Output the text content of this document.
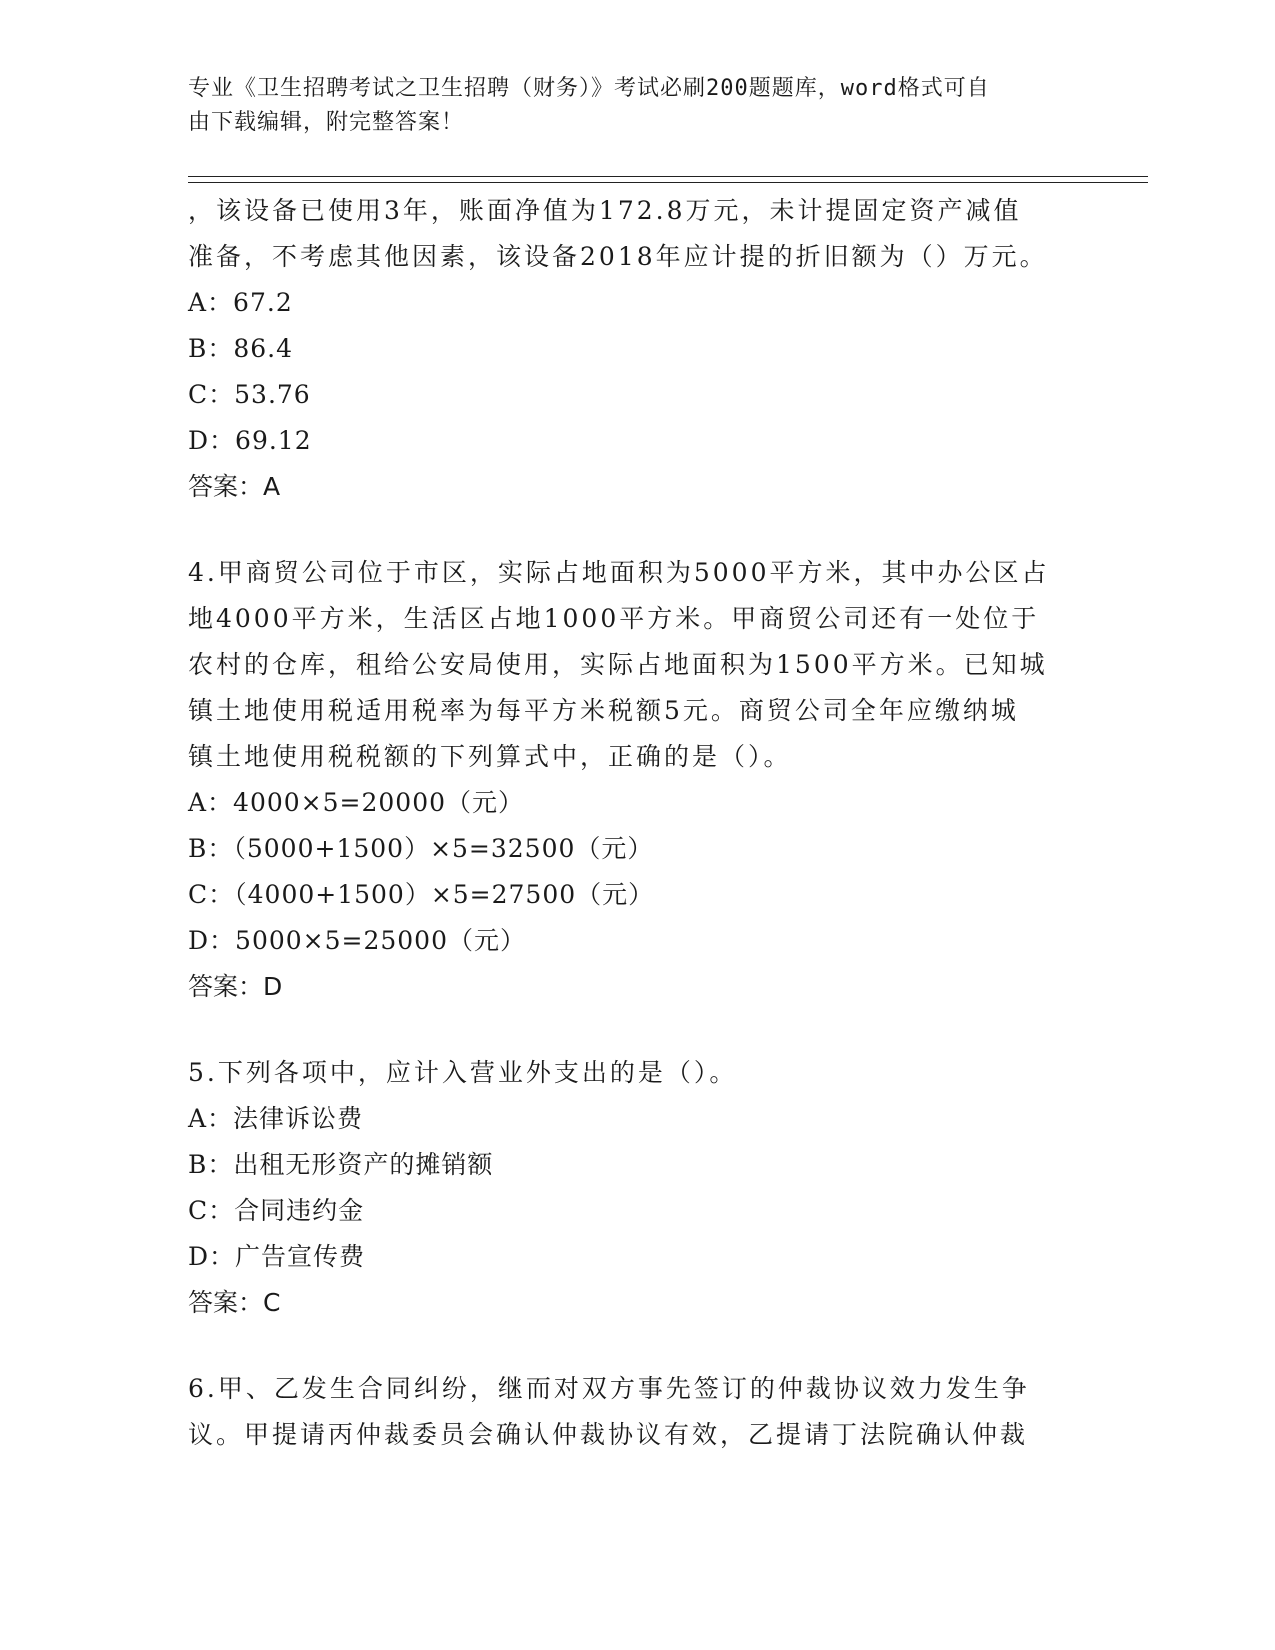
专业《卫生招聘考试之卫生招聘（财务）》考试必刷200题题库，word格式可自
由下载编辑，附完整答案！
，该设备已使用3年，账面净值为172.8万元，未计提固定资产减值
准备，不考虑其他因素，该设备2018年应计提的折旧额为（）万元。
A：67.2
B：86.4
C：53.76
D：69.12
答案：A
4.甲商贸公司位于市区，实际占地面积为5000平方米，其中办公区占
地4000平方米，生活区占地1000平方米。甲商贸公司还有一处位于
农村的仓库，租给公安局使用，实际占地面积为1500平方米。已知城
镇土地使用税适用税率为每平方米税额5元。商贸公司全年应缴纳城
镇土地使用税税额的下列算式中，正确的是（）。
A：4000×5=20000（元）
B：（5000+1500）×5=32500（元）
C：（4000+1500）×5=27500（元）
D：5000×5=25000（元）
答案：D
5.下列各项中，应计入营业外支出的是（）。
A：法律诉讼费
B：出租无形资产的摊销额
C：合同违约金
D：广告宣传费
答案：C
6.甲、乙发生合同纠纷，继而对双方事先签订的仲裁协议效力发生争
议。甲提请丙仲裁委员会确认仲裁协议有效，乙提请丁法院确认仲裁
